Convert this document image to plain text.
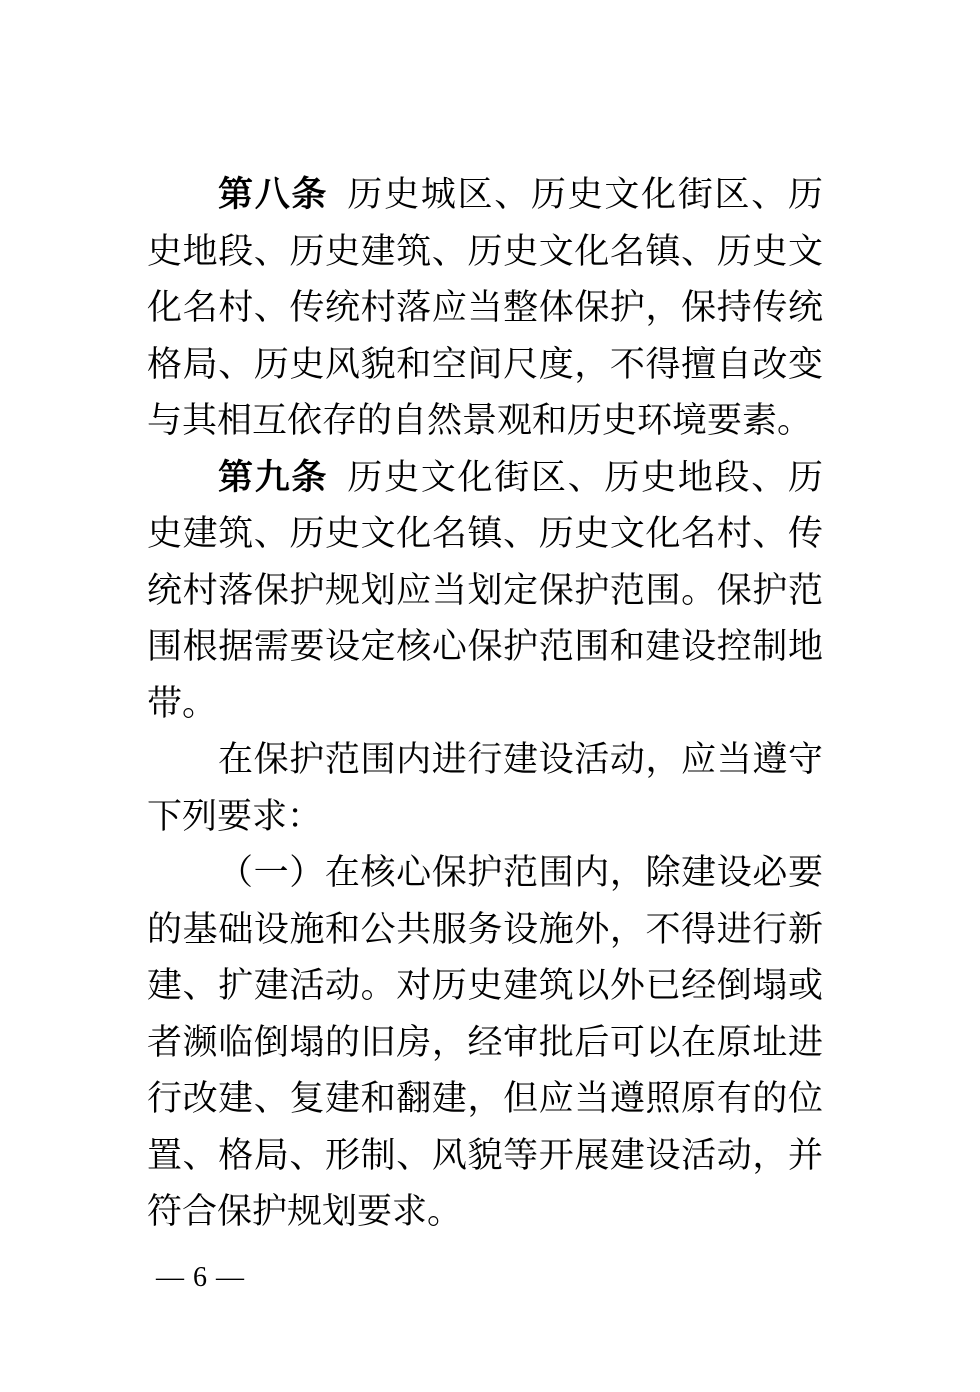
第八条 历史城区、历史文化街区、历史地段、历史建筑、历史文化名镇、历史文化名村、传统村落应当整体保护，保持传统格局、历史风貌和空间尺度，不得擅自改变与其相互依存的自然景观和历史环境要素。

第九条 历史文化街区、历史地段、历史建筑、历史文化名镇、历史文化名村、传统村落保护规划应当划定保护范围。保护范围根据需要设定核心保护范围和建设控制地带。

在保护范围内进行建设活动，应当遵守下列要求：

（一）在核心保护范围内，除建设必要的基础设施和公共服务设施外，不得进行新建、扩建活动。对历史建筑以外已经倒塌或者濒临倒塌的旧房，经审批后可以在原址进行改建、复建和翻建，但应当遵照原有的位置、格局、形制、风貌等开展建设活动，并符合保护规划要求。

— 6 —
